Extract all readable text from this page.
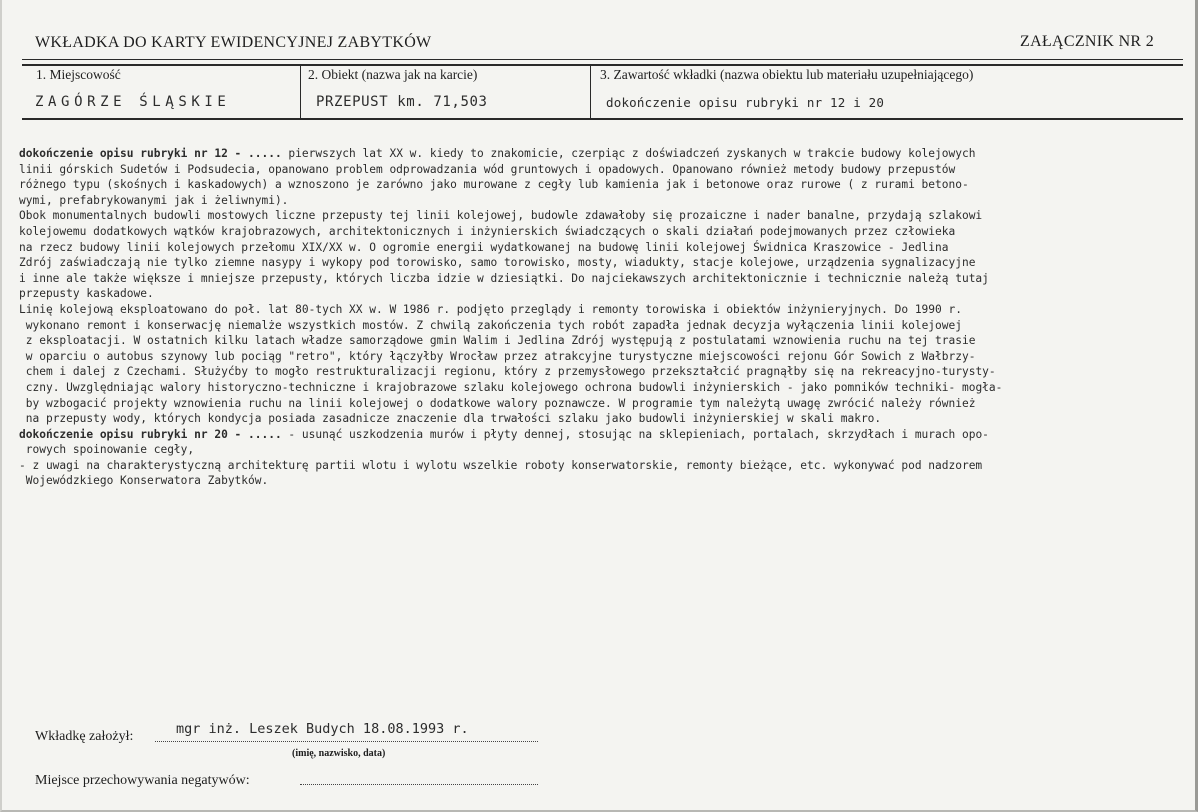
WKŁADKA DO KARTY EWIDENCYJNEJ ZABYTKÓW	ZAŁĄCZNIK NR 2
1. Miejscowość
ZAGÓRZE ŚLĄSKIE
2. Obiekt (nazwa jak na karcie)
PRZEPUST km. 71,503
3. Zawartość wkładki (nazwa obiektu lub materiału uzupełniającego)
dokończenie opisu rubryki nr 12 i 20

dokończenie opisu rubryki nr 12 - ..... pierwszych lat XX w. kiedy to znakomicie, czerpiąc z doświadczeń zyskanych w trakcie budowy kolejowych
linii górskich Sudetów i Podsudecia, opanowano problem odprowadzania wód gruntowych i opadowych. Opanowano również metody budowy przepustów
różnego typu (skośnych i kaskadowych) a wznoszono je zarówno jako murowane z cegły lub kamienia jak i betonowe oraz rurowe ( z rurami betono-
wymi, prefabrykowanymi jak i żeliwnymi).

Obok monumentalnych budowli mostowych liczne przepusty tej linii kolejowej, budowle zdawałoby się prozaiczne i nader banalne, przydają szlakowi
kolejowemu dodatkowych wątków krajobrazowych, architektonicznych i inżynierskich świadczących o skali działań podejmowanych przez człowieka
na rzecz budowy linii kolejowych przełomu XIX/XX w. O ogromie energii wydatkowanej na budowę linii kolejowej Świdnica Kraszowice - Jedlina
Zdrój zaświadczają nie tylko ziemne nasypy i wykopy pod torowisko, samo torowisko, mosty, wiadukty, stacje kolejowe, urządzenia sygnalizacyjne
i inne ale także większe i mniejsze przepusty, których liczba idzie w dziesiątki. Do najciekawszych architektonicznie i technicznie należą tutaj
przepusty kaskadowe.

Linię kolejową eksploatowano do poł. lat 80-tych XX w. W 1986 r. podjęto przeglądy i remonty torowiska i obiektów inżynieryjnych. Do 1990 r.
wykonano remont i konserwację niemalże wszystkich mostów. Z chwilą zakończenia tych robót zapadła jednak decyzja wyłączenia linii kolejowej
z eksploatacji. W ostatnich kilku latach władze samorządowe gmin Walim i Jedlina Zdrój występują z postulatami wznowienia ruchu na tej trasie
w oparciu o autobus szynowy lub pociąg "retro", który łączyłby Wrocław przez atrakcyjne turystyczne miejscowości rejonu Gór Sowich z Wałbrzy-
chem i dalej z Czechami. Służyćby to mogło restrukturalizacji regionu, który z przemysłowego przekształcić pragnąłby się na rekreacyjno-turysty-
czny. Uwzględniając walory historyczno-techniczne i krajobrazowe szlaku kolejowego ochrona budowli inżynierskich - jako pomników techniki- mogła-
by wzbogacić projekty wznowienia ruchu na linii kolejowej o dodatkowe walory poznawcze. W programie tym należytą uwagę zwrócić należy również
na przepusty wody, których kondycja posiada zasadnicze znaczenie dla trwałości szlaku jako budowli inżynierskiej w skali makro.

dokończenie opisu rubryki nr 20 - ..... - usunąć uszkodzenia murów i płyty dennej, stosując na sklepieniach, portalach, skrzydłach i murach opo-
rowych spoinowanie cegły,

- z uwagi na charakterystyczną architekturę partii wlotu i wylotu wszelkie roboty konserwatorskie, remonty bieżące, etc. wykonywać pod nadzorem
Wojewódzkiego Konserwatora Zabytków.

Wkładkę założył:	mgr inż. Leszek Budych 18.08.1993 r.
(imię, nazwisko, data)
Miejsce przechowywania negatywów:
